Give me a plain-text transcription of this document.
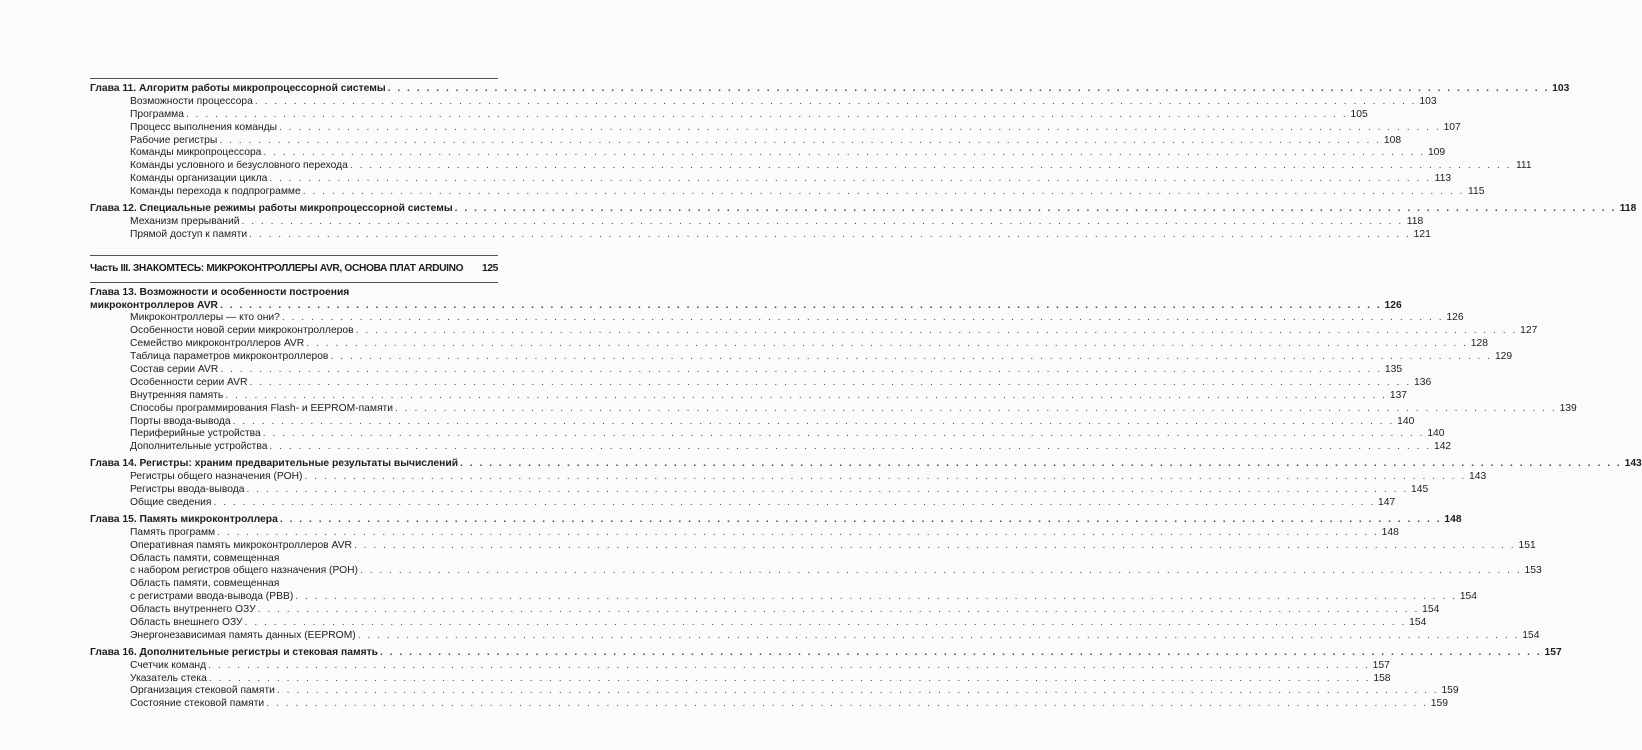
Глава 11. Алгоритм работы микропроцессорной системы . . . . . . . . . . . . . . . . . . . . . . . . . . . . . . . . . . . . . . . . . . . . . . . . . . . . . . . . . . . . . . . . . . . . . . . . . . . . . . . . . . . . . . . . . . . . . . . . . . . . . . . . . . . . . . . . . . . . . . . . 103
Возможности процессора . . . . . . . . . . . . . . . . . . . . . . . . . . . . . . . . . . . . . . . . . . . . . . . . . . . . . . . . . . . . . . . . . . . . . . . . . . . . . . . . . . . . . . . . . . . . . . . . . . . . . . . . . . . . . . . . . . . . . . . . 103
Программа . . . . . . . . . . . . . . . . . . . . . . . . . . . . . . . . . . . . . . . . . . . . . . . . . . . . . . . . . . . . . . . . . . . . . . . . . . . . . . . . . . . . . . . . . . . . . . . . . . . . . . . . . . . . . . . . . . . . . . . . 105
Процесс выполнения команды . . . . . . . . . . . . . . . . . . . . . . . . . . . . . . . . . . . . . . . . . . . . . . . . . . . . . . . . . . . . . . . . . . . . . . . . . . . . . . . . . . . . . . . . . . . . . . . . . . . . . . . . . . . . . . . . . . . . . . . . 107
Рабочие регистры . . . . . . . . . . . . . . . . . . . . . . . . . . . . . . . . . . . . . . . . . . . . . . . . . . . . . . . . . . . . . . . . . . . . . . . . . . . . . . . . . . . . . . . . . . . . . . . . . . . . . . . . . . . . . . . . . . . . . . . . 108
Команды микропроцессора . . . . . . . . . . . . . . . . . . . . . . . . . . . . . . . . . . . . . . . . . . . . . . . . . . . . . . . . . . . . . . . . . . . . . . . . . . . . . . . . . . . . . . . . . . . . . . . . . . . . . . . . . . . . . . . . . . . . . . . . 109
Команды условного и безусловного перехода . . . . . . . . . . . . . . . . . . . . . . . . . . . . . . . . . . . . . . . . . . . . . . . . . . . . . . . . . . . . . . . . . . . . . . . . . . . . . . . . . . . . . . . . . . . . . . . . . . . . . . . . . . . . . . . . . . . . . . . . 111
Команды организации цикла . . . . . . . . . . . . . . . . . . . . . . . . . . . . . . . . . . . . . . . . . . . . . . . . . . . . . . . . . . . . . . . . . . . . . . . . . . . . . . . . . . . . . . . . . . . . . . . . . . . . . . . . . . . . . . . . . . . . . . . . 113
Команды перехода к подпрограмме . . . . . . . . . . . . . . . . . . . . . . . . . . . . . . . . . . . . . . . . . . . . . . . . . . . . . . . . . . . . . . . . . . . . . . . . . . . . . . . . . . . . . . . . . . . . . . . . . . . . . . . . . . . . . . . . . . . . . . . . 115
Глава 12. Специальные режимы работы микропроцессорной системы . . . . . . . . . . . . . . . . . . . . . . . . . . . . . . . . . . . . . . . . . . . . . . . . . . . . . . . . . . . . . . . . . . . . . . . . . . . . . . . . . . . . . . . . . . . . . . . . . . . . . . . . . . . . . . . . . . . . . . . . 118
Механизм прерываний . . . . . . . . . . . . . . . . . . . . . . . . . . . . . . . . . . . . . . . . . . . . . . . . . . . . . . . . . . . . . . . . . . . . . . . . . . . . . . . . . . . . . . . . . . . . . . . . . . . . . . . . . . . . . . . . . . . . . . . . 118
Прямой доступ к памяти . . . . . . . . . . . . . . . . . . . . . . . . . . . . . . . . . . . . . . . . . . . . . . . . . . . . . . . . . . . . . . . . . . . . . . . . . . . . . . . . . . . . . . . . . . . . . . . . . . . . . . . . . . . . . . . . . . . . . . . . 121
Часть III. ЗНАКОМТЕСЬ: МИКРОКОНТРОЛЛЕРЫ AVR, ОСНОВА ПЛАТ ARDUINO 125
Глава 13. Возможности и особенности построения
микроконтроллеров AVR . . . . . . . . . . . . . . . . . . . . . . . . . . . . . . . . . . . . . . . . . . . . . . . . . . . . . . . . . . . . . . . . . . . . . . . . . . . . . . . . . . . . . . . . . . . . . . . . . . . . . . . . . . . . . . . . . . . . . . . . 126
Микроконтроллеры — кто они? . . . . . . . . . . . . . . . . . . . . . . . . . . . . . . . . . . . . . . . . . . . . . . . . . . . . . . . . . . . . . . . . . . . . . . . . . . . . . . . . . . . . . . . . . . . . . . . . . . . . . . . . . . . . . . . . . . . . . . . . 126
Особенности новой серии микроконтроллеров . . . . . . . . . . . . . . . . . . . . . . . . . . . . . . . . . . . . . . . . . . . . . . . . . . . . . . . . . . . . . . . . . . . . . . . . . . . . . . . . . . . . . . . . . . . . . . . . . . . . . . . . . . . . . . . . . . . . . . . . 127
Семейство микроконтроллеров AVR . . . . . . . . . . . . . . . . . . . . . . . . . . . . . . . . . . . . . . . . . . . . . . . . . . . . . . . . . . . . . . . . . . . . . . . . . . . . . . . . . . . . . . . . . . . . . . . . . . . . . . . . . . . . . . . . . . . . . . . . 128
Таблица параметров микроконтроллеров . . . . . . . . . . . . . . . . . . . . . . . . . . . . . . . . . . . . . . . . . . . . . . . . . . . . . . . . . . . . . . . . . . . . . . . . . . . . . . . . . . . . . . . . . . . . . . . . . . . . . . . . . . . . . . . . . . . . . . . . 129
Состав серии AVR . . . . . . . . . . . . . . . . . . . . . . . . . . . . . . . . . . . . . . . . . . . . . . . . . . . . . . . . . . . . . . . . . . . . . . . . . . . . . . . . . . . . . . . . . . . . . . . . . . . . . . . . . . . . . . . . . . . . . . . . 135
Особенности серии AVR . . . . . . . . . . . . . . . . . . . . . . . . . . . . . . . . . . . . . . . . . . . . . . . . . . . . . . . . . . . . . . . . . . . . . . . . . . . . . . . . . . . . . . . . . . . . . . . . . . . . . . . . . . . . . . . . . . . . . . . . 136
Внутренняя память . . . . . . . . . . . . . . . . . . . . . . . . . . . . . . . . . . . . . . . . . . . . . . . . . . . . . . . . . . . . . . . . . . . . . . . . . . . . . . . . . . . . . . . . . . . . . . . . . . . . . . . . . . . . . . . . . . . . . . . . 137
Способы программирования Flash- и EEPROM-памяти . . . . . . . . . . . . . . . . . . . . . . . . . . . . . . . . . . . . . . . . . . . . . . . . . . . . . . . . . . . . . . . . . . . . . . . . . . . . . . . . . . . . . . . . . . . . . . . . . . . . . . . . . . . . . . . . . . . . . . . . 139
Порты ввода-вывода . . . . . . . . . . . . . . . . . . . . . . . . . . . . . . . . . . . . . . . . . . . . . . . . . . . . . . . . . . . . . . . . . . . . . . . . . . . . . . . . . . . . . . . . . . . . . . . . . . . . . . . . . . . . . . . . . . . . . . . . 140
Периферийные устройства . . . . . . . . . . . . . . . . . . . . . . . . . . . . . . . . . . . . . . . . . . . . . . . . . . . . . . . . . . . . . . . . . . . . . . . . . . . . . . . . . . . . . . . . . . . . . . . . . . . . . . . . . . . . . . . . . . . . . . . . 140
Дополнительные устройства . . . . . . . . . . . . . . . . . . . . . . . . . . . . . . . . . . . . . . . . . . . . . . . . . . . . . . . . . . . . . . . . . . . . . . . . . . . . . . . . . . . . . . . . . . . . . . . . . . . . . . . . . . . . . . . . . . . . . . . . 142
Глава 14. Регистры: храним предварительные результаты вычислений . . . . . . . . . . . . . . . . . . . . . . . . . . . . . . . . . . . . . . . . . . . . . . . . . . . . . . . . . . . . . . . . . . . . . . . . . . . . . . . . . . . . . . . . . . . . . . . . . . . . . . . . . . . . . . . . . . . . . . . . 143
Регистры общего назначения (РОН) . . . . . . . . . . . . . . . . . . . . . . . . . . . . . . . . . . . . . . . . . . . . . . . . . . . . . . . . . . . . . . . . . . . . . . . . . . . . . . . . . . . . . . . . . . . . . . . . . . . . . . . . . . . . . . . . . . . . . . . . 143
Регистры ввода-вывода . . . . . . . . . . . . . . . . . . . . . . . . . . . . . . . . . . . . . . . . . . . . . . . . . . . . . . . . . . . . . . . . . . . . . . . . . . . . . . . . . . . . . . . . . . . . . . . . . . . . . . . . . . . . . . . . . . . . . . . . 145
Общие сведения . . . . . . . . . . . . . . . . . . . . . . . . . . . . . . . . . . . . . . . . . . . . . . . . . . . . . . . . . . . . . . . . . . . . . . . . . . . . . . . . . . . . . . . . . . . . . . . . . . . . . . . . . . . . . . . . . . . . . . . . 147
Глава 15. Память микроконтроллера . . . . . . . . . . . . . . . . . . . . . . . . . . . . . . . . . . . . . . . . . . . . . . . . . . . . . . . . . . . . . . . . . . . . . . . . . . . . . . . . . . . . . . . . . . . . . . . . . . . . . . . . . . . . . . . . . . . . . . . . 148
Память программ . . . . . . . . . . . . . . . . . . . . . . . . . . . . . . . . . . . . . . . . . . . . . . . . . . . . . . . . . . . . . . . . . . . . . . . . . . . . . . . . . . . . . . . . . . . . . . . . . . . . . . . . . . . . . . . . . . . . . . . . 148
Оперативная память микроконтроллеров AVR . . . . . . . . . . . . . . . . . . . . . . . . . . . . . . . . . . . . . . . . . . . . . . . . . . . . . . . . . . . . . . . . . . . . . . . . . . . . . . . . . . . . . . . . . . . . . . . . . . . . . . . . . . . . . . . . . . . . . . . . 151
Область памяти, совмещенная
с набором регистров общего назначения (РОН) . . . . . . . . . . . . . . . . . . . . . . . . . . . . . . . . . . . . . . . . . . . . . . . . . . . . . . . . . . . . . . . . . . . . . . . . . . . . . . . . . . . . . . . . . . . . . . . . . . . . . . . . . . . . . . . . . . . . . . . . 153
Область памяти, совмещенная
с регистрами ввода-вывода (РВВ) . . . . . . . . . . . . . . . . . . . . . . . . . . . . . . . . . . . . . . . . . . . . . . . . . . . . . . . . . . . . . . . . . . . . . . . . . . . . . . . . . . . . . . . . . . . . . . . . . . . . . . . . . . . . . . . . . . . . . . . . 154
Область внутреннего ОЗУ . . . . . . . . . . . . . . . . . . . . . . . . . . . . . . . . . . . . . . . . . . . . . . . . . . . . . . . . . . . . . . . . . . . . . . . . . . . . . . . . . . . . . . . . . . . . . . . . . . . . . . . . . . . . . . . . . . . . . . . . 154
Область внешнего ОЗУ . . . . . . . . . . . . . . . . . . . . . . . . . . . . . . . . . . . . . . . . . . . . . . . . . . . . . . . . . . . . . . . . . . . . . . . . . . . . . . . . . . . . . . . . . . . . . . . . . . . . . . . . . . . . . . . . . . . . . . . . 154
Энергонезависимая память данных (EEPROM) . . . . . . . . . . . . . . . . . . . . . . . . . . . . . . . . . . . . . . . . . . . . . . . . . . . . . . . . . . . . . . . . . . . . . . . . . . . . . . . . . . . . . . . . . . . . . . . . . . . . . . . . . . . . . . . . . . . . . . . . 154
Глава 16. Дополнительные регистры и стековая память . . . . . . . . . . . . . . . . . . . . . . . . . . . . . . . . . . . . . . . . . . . . . . . . . . . . . . . . . . . . . . . . . . . . . . . . . . . . . . . . . . . . . . . . . . . . . . . . . . . . . . . . . . . . . . . . . . . . . . . . 157
Счетчик команд . . . . . . . . . . . . . . . . . . . . . . . . . . . . . . . . . . . . . . . . . . . . . . . . . . . . . . . . . . . . . . . . . . . . . . . . . . . . . . . . . . . . . . . . . . . . . . . . . . . . . . . . . . . . . . . . . . . . . . . . 157
Указатель стека . . . . . . . . . . . . . . . . . . . . . . . . . . . . . . . . . . . . . . . . . . . . . . . . . . . . . . . . . . . . . . . . . . . . . . . . . . . . . . . . . . . . . . . . . . . . . . . . . . . . . . . . . . . . . . . . . . . . . . . . 158
Организация стековой памяти . . . . . . . . . . . . . . . . . . . . . . . . . . . . . . . . . . . . . . . . . . . . . . . . . . . . . . . . . . . . . . . . . . . . . . . . . . . . . . . . . . . . . . . . . . . . . . . . . . . . . . . . . . . . . . . . . . . . . . . . 159
Состояние стековой памяти . . . . . . . . . . . . . . . . . . . . . . . . . . . . . . . . . . . . . . . . . . . . . . . . . . . . . . . . . . . . . . . . . . . . . . . . . . . . . . . . . . . . . . . . . . . . . . . . . . . . . . . . . . . . . . . . . . . . . . . . 159
